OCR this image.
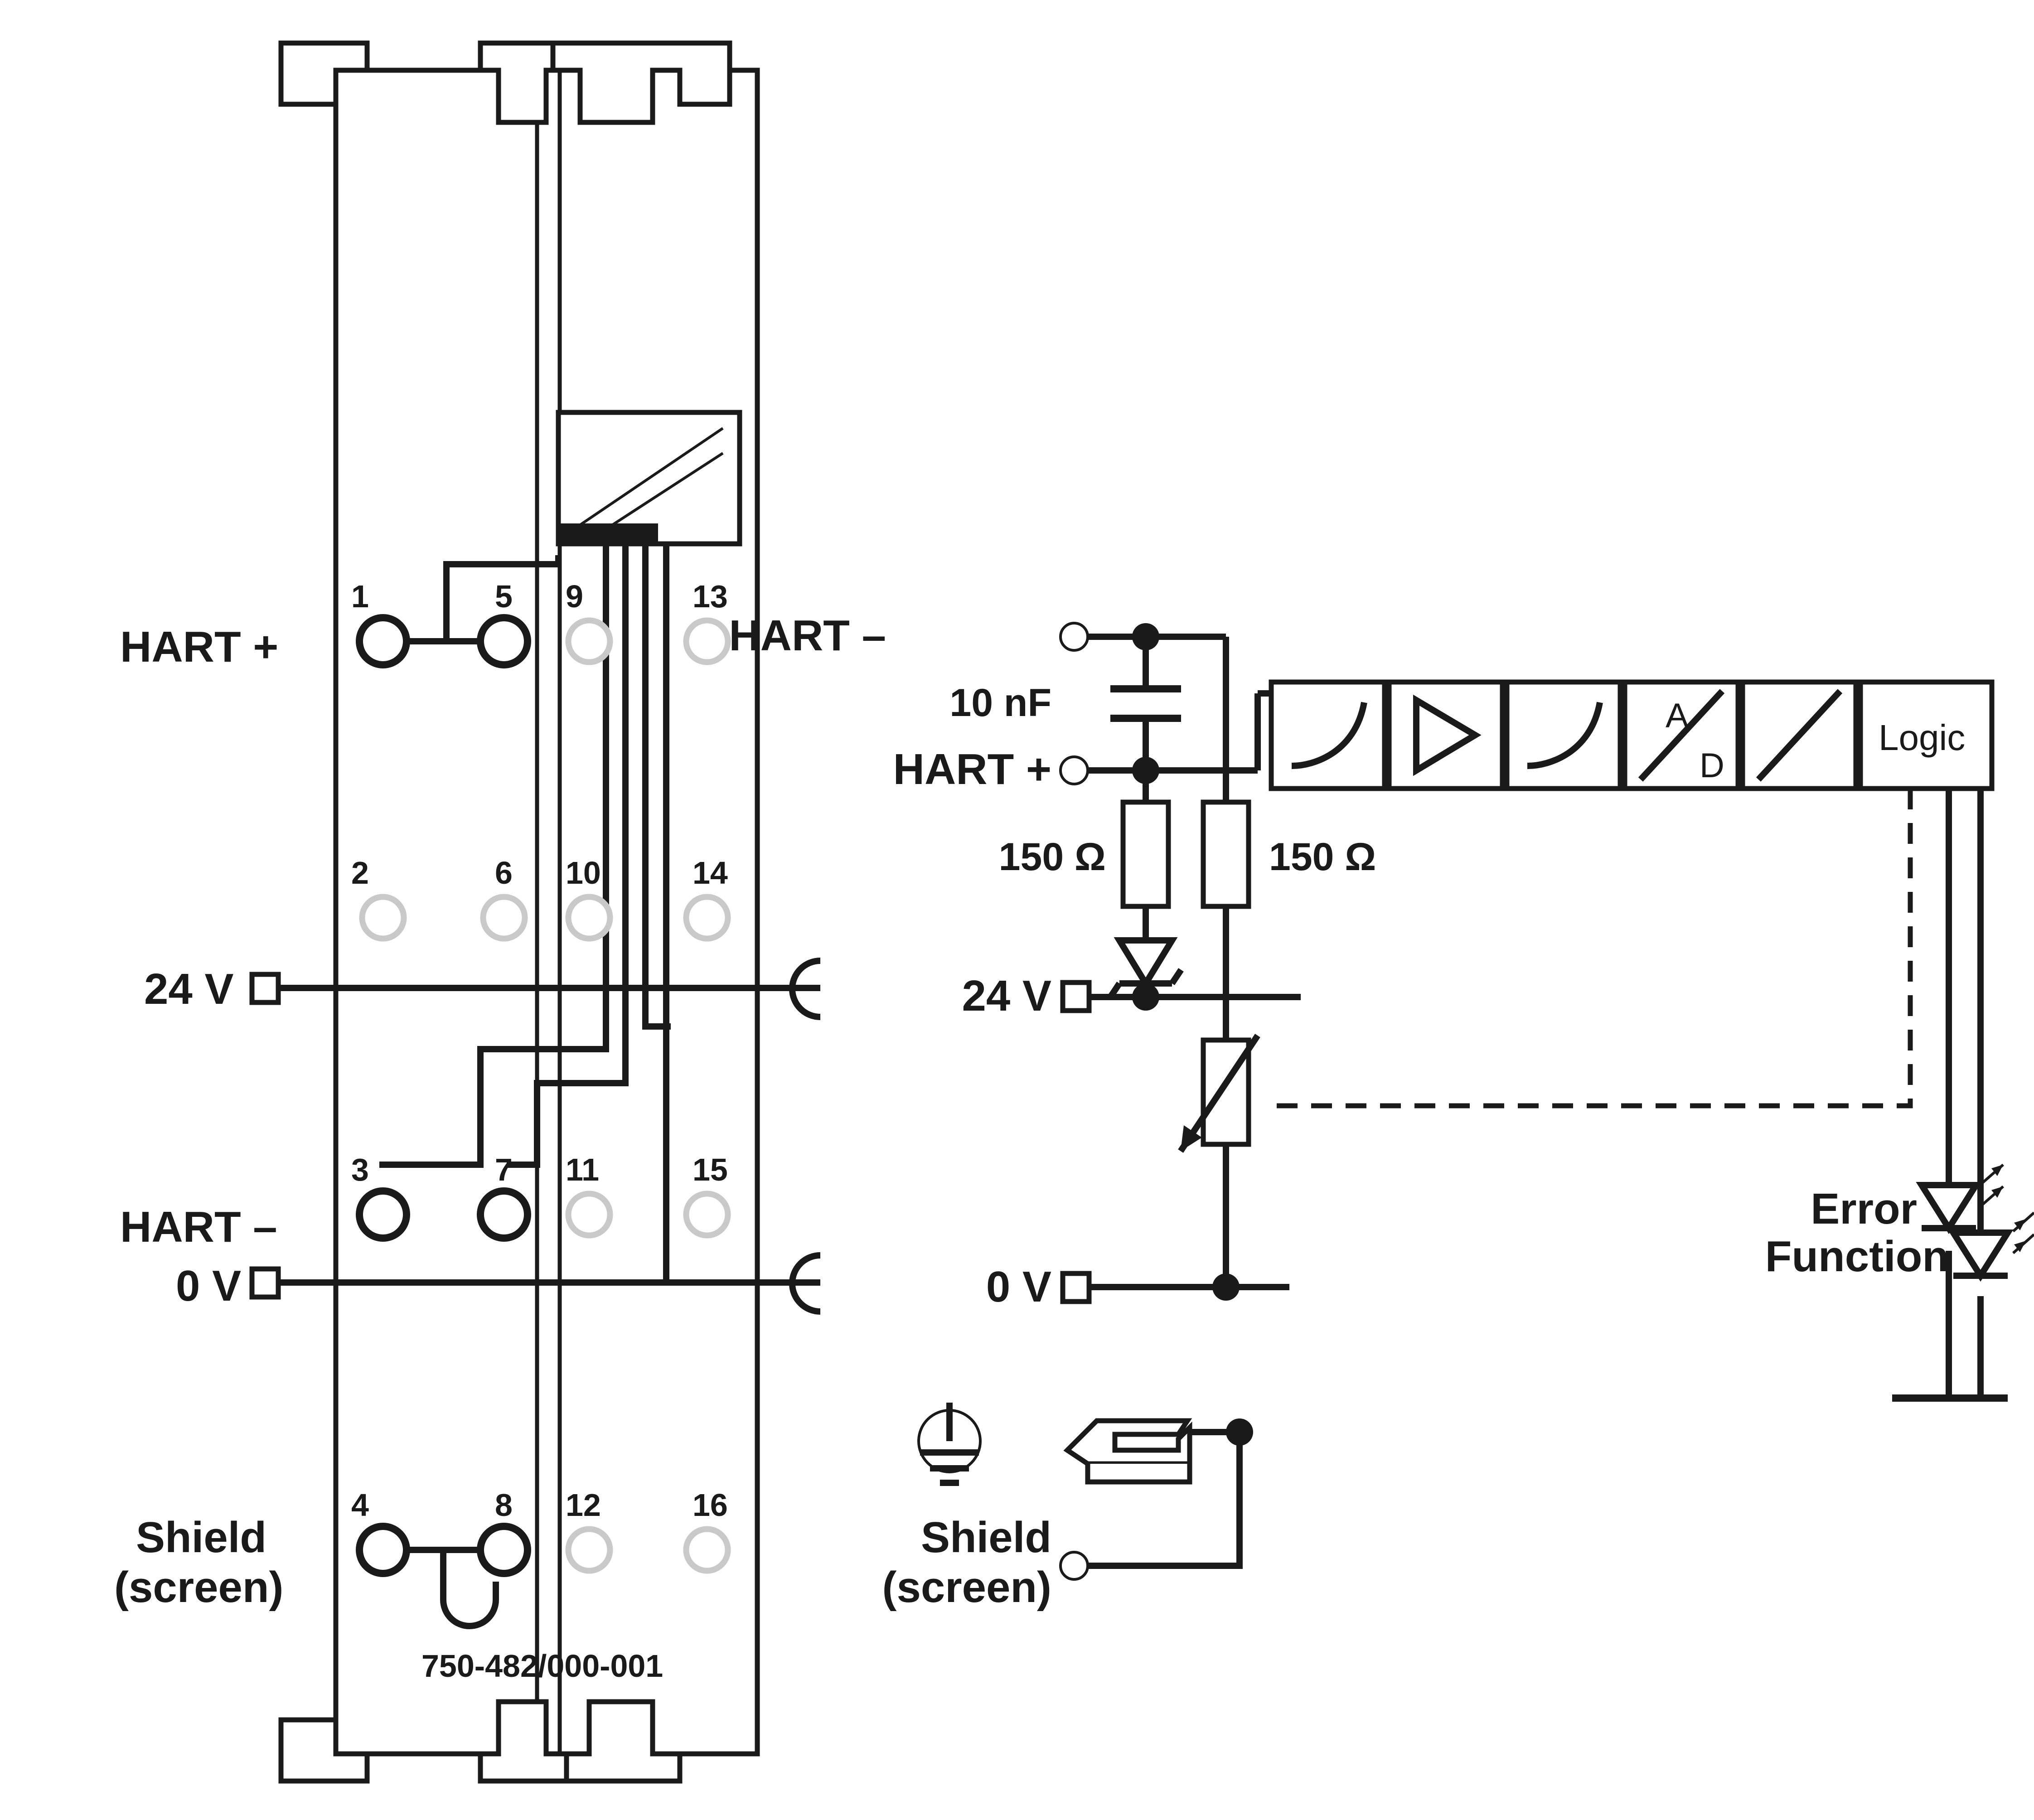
HART +
HART –
24 V
0 V
Shield
(screen)
1
2
3
4
5
6
7
8
9
10
11
12
13
14
15
16
750-482/000-001
HART –
HART +
24 V
0 V
Shield
(screen)
10 nF
150 Ω	150 Ω
A
D
Logic
Error
Function
